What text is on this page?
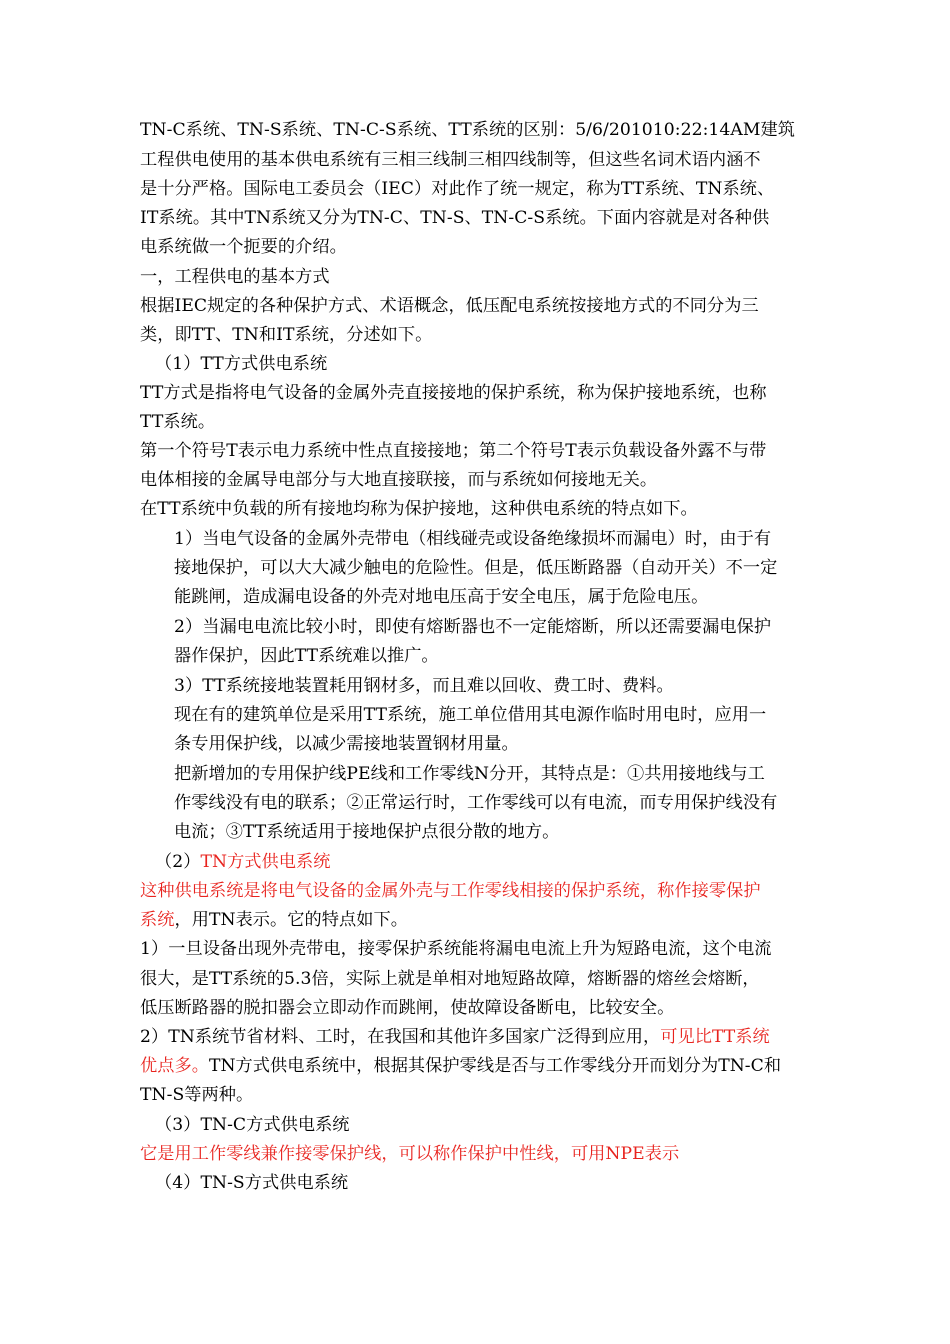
TN-C系统、TN-S系统、TN-C-S系统、TT系统的区别：5/6/201010:22:14AM建筑
工程供电使用的基本供电系统有三相三线制三相四线制等，但这些名词术语内涵不
是十分严格。国际电工委员会（IEC）对此作了统一规定，称为TT系统、TN系统、
IT系统。其中TN系统又分为TN-C、TN-S、TN-C-S系统。下面内容就是对各种供
电系统做一个扼要的介绍。
一，工程供电的基本方式
根据IEC规定的各种保护方式、术语概念，低压配电系统按接地方式的不同分为三
类，即TT、TN和IT系统，分述如下。
（1）TT方式供电系统
TT方式是指将电气设备的金属外壳直接接地的保护系统，称为保护接地系统，也称
TT系统。
第一个符号T表示电力系统中性点直接接地；第二个符号T表示负载设备外露不与带
电体相接的金属导电部分与大地直接联接，而与系统如何接地无关。
在TT系统中负载的所有接地均称为保护接地，这种供电系统的特点如下。
1）当电气设备的金属外壳带电（相线碰壳或设备绝缘损坏而漏电）时，由于有
接地保护，可以大大减少触电的危险性。但是，低压断路器（自动开关）不一定
能跳闸，造成漏电设备的外壳对地电压高于安全电压，属于危险电压。
2）当漏电电流比较小时，即使有熔断器也不一定能熔断，所以还需要漏电保护
器作保护，因此TT系统难以推广。
3）TT系统接地装置耗用钢材多，而且难以回收、费工时、费料。
现在有的建筑单位是采用TT系统，施工单位借用其电源作临时用电时，应用一
条专用保护线，以减少需接地装置钢材用量。
把新增加的专用保护线PE线和工作零线N分开，其特点是：①共用接地线与工
作零线没有电的联系；②正常运行时，工作零线可以有电流，而专用保护线没有
电流；③TT系统适用于接地保护点很分散的地方。
（2）TN方式供电系统
这种供电系统是将电气设备的金属外壳与工作零线相接的保护系统，称作接零保护
系统，用TN表示。它的特点如下。
1）一旦设备出现外壳带电，接零保护系统能将漏电电流上升为短路电流，这个电流
很大，是TT系统的5.3倍，实际上就是单相对地短路故障，熔断器的熔丝会熔断，
低压断路器的脱扣器会立即动作而跳闸，使故障设备断电，比较安全。
2）TN系统节省材料、工时，在我国和其他许多国家广泛得到应用，可见比TT系统
优点多。TN方式供电系统中，根据其保护零线是否与工作零线分开而划分为TN-C和
TN-S等两种。
（3）TN-C方式供电系统
它是用工作零线兼作接零保护线，可以称作保护中性线，可用NPE表示
（4）TN-S方式供电系统
